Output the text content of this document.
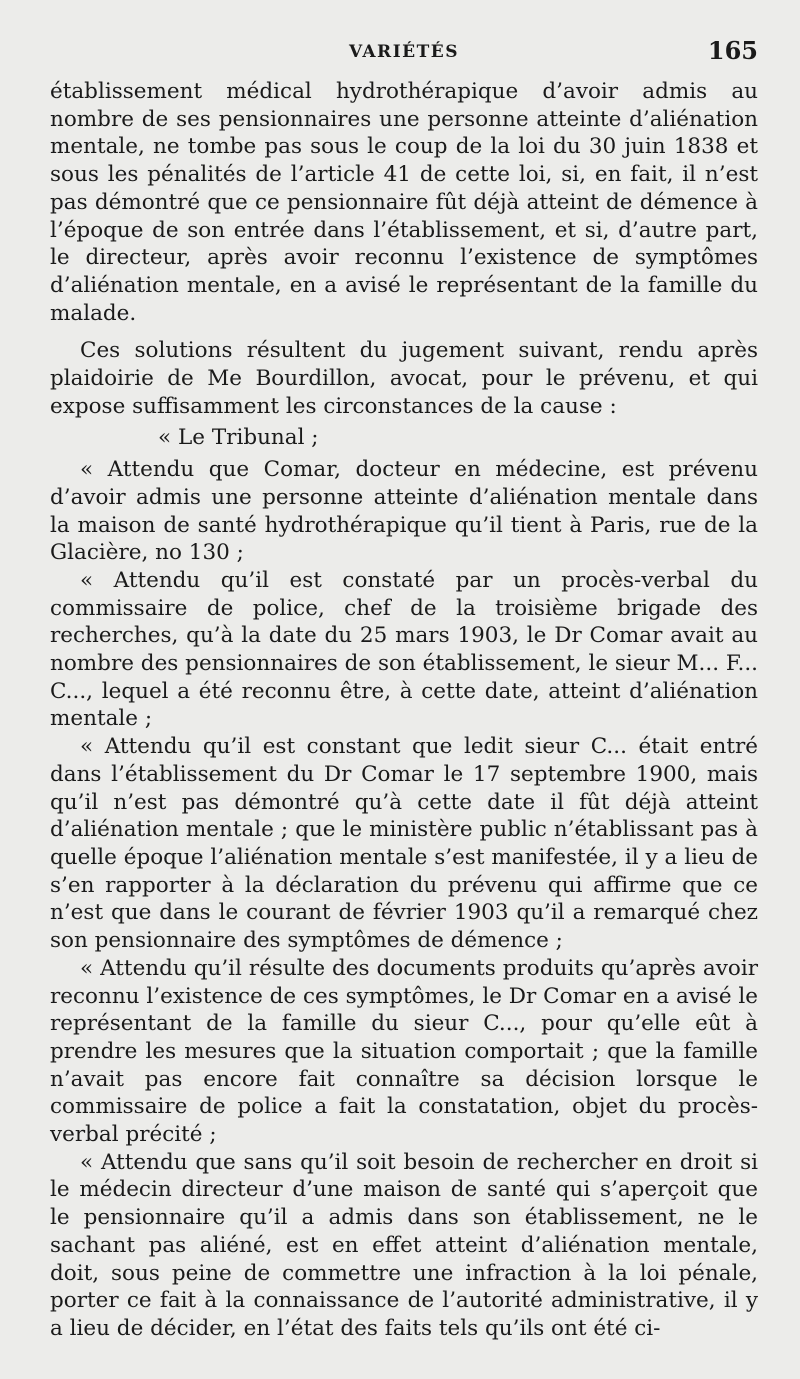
VARIÉTÉS	165

établissement médical hydrothérapique d’avoir admis au nombre de ses pensionnaires une personne atteinte d’aliénation mentale, ne tombe pas sous le coup de la loi du 30 juin 1838 et sous les pénalités de l’article 41 de cette loi, si, en fait, il n’est pas démontré que ce pensionnaire fût déjà atteint de démence à l’époque de son entrée dans l’établissement, et si, d’autre part, le directeur, après avoir reconnu l’existence de symptômes d’aliénation mentale, en a avisé le représentant de la famille du malade.

Ces solutions résultent du jugement suivant, rendu après plaidoirie de Me Bourdillon, avocat, pour le prévenu, et qui expose suffisamment les circonstances de la cause :

« Le Tribunal ;

« Attendu que Comar, docteur en médecine, est prévenu d’avoir admis une personne atteinte d’aliénation mentale dans la maison de santé hydrothérapique qu’il tient à Paris, rue de la Glacière, no 130 ;

« Attendu qu’il est constaté par un procès-verbal du commissaire de police, chef de la troisième brigade des recherches, qu’à la date du 25 mars 1903, le Dr Comar avait au nombre des pensionnaires de son établissement, le sieur M... F... C..., lequel a été reconnu être, à cette date, atteint d’aliénation mentale ;

« Attendu qu’il est constant que ledit sieur C... était entré dans l’établissement du Dr Comar le 17 septembre 1900, mais qu’il n’est pas démontré qu’à cette date il fût déjà atteint d’aliénation mentale ; que le ministère public n’établissant pas à quelle époque l’aliénation mentale s’est manifestée, il y a lieu de s’en rapporter à la déclaration du prévenu qui affirme que ce n’est que dans le courant de février 1903 qu’il a remarqué chez son pensionnaire des symptômes de démence ;

« Attendu qu’il résulte des documents produits qu’après avoir reconnu l’existence de ces symptômes, le Dr Comar en a avisé le représentant de la famille du sieur C..., pour qu’elle eût à prendre les mesures que la situation comportait ; que la famille n’avait pas encore fait connaître sa décision lorsque le commissaire de police a fait la constatation, objet du procès-verbal précité ;

« Attendu que sans qu’il soit besoin de rechercher en droit si le médecin directeur d’une maison de santé qui s’aperçoit que le pensionnaire qu’il a admis dans son établissement, ne le sachant pas aliéné, est en effet atteint d’aliénation mentale, doit, sous peine de commettre une infraction à la loi pénale, porter ce fait à la connaissance de l’autorité administrative, il y a lieu de décider, en l’état des faits tels qu’ils ont été ci-
